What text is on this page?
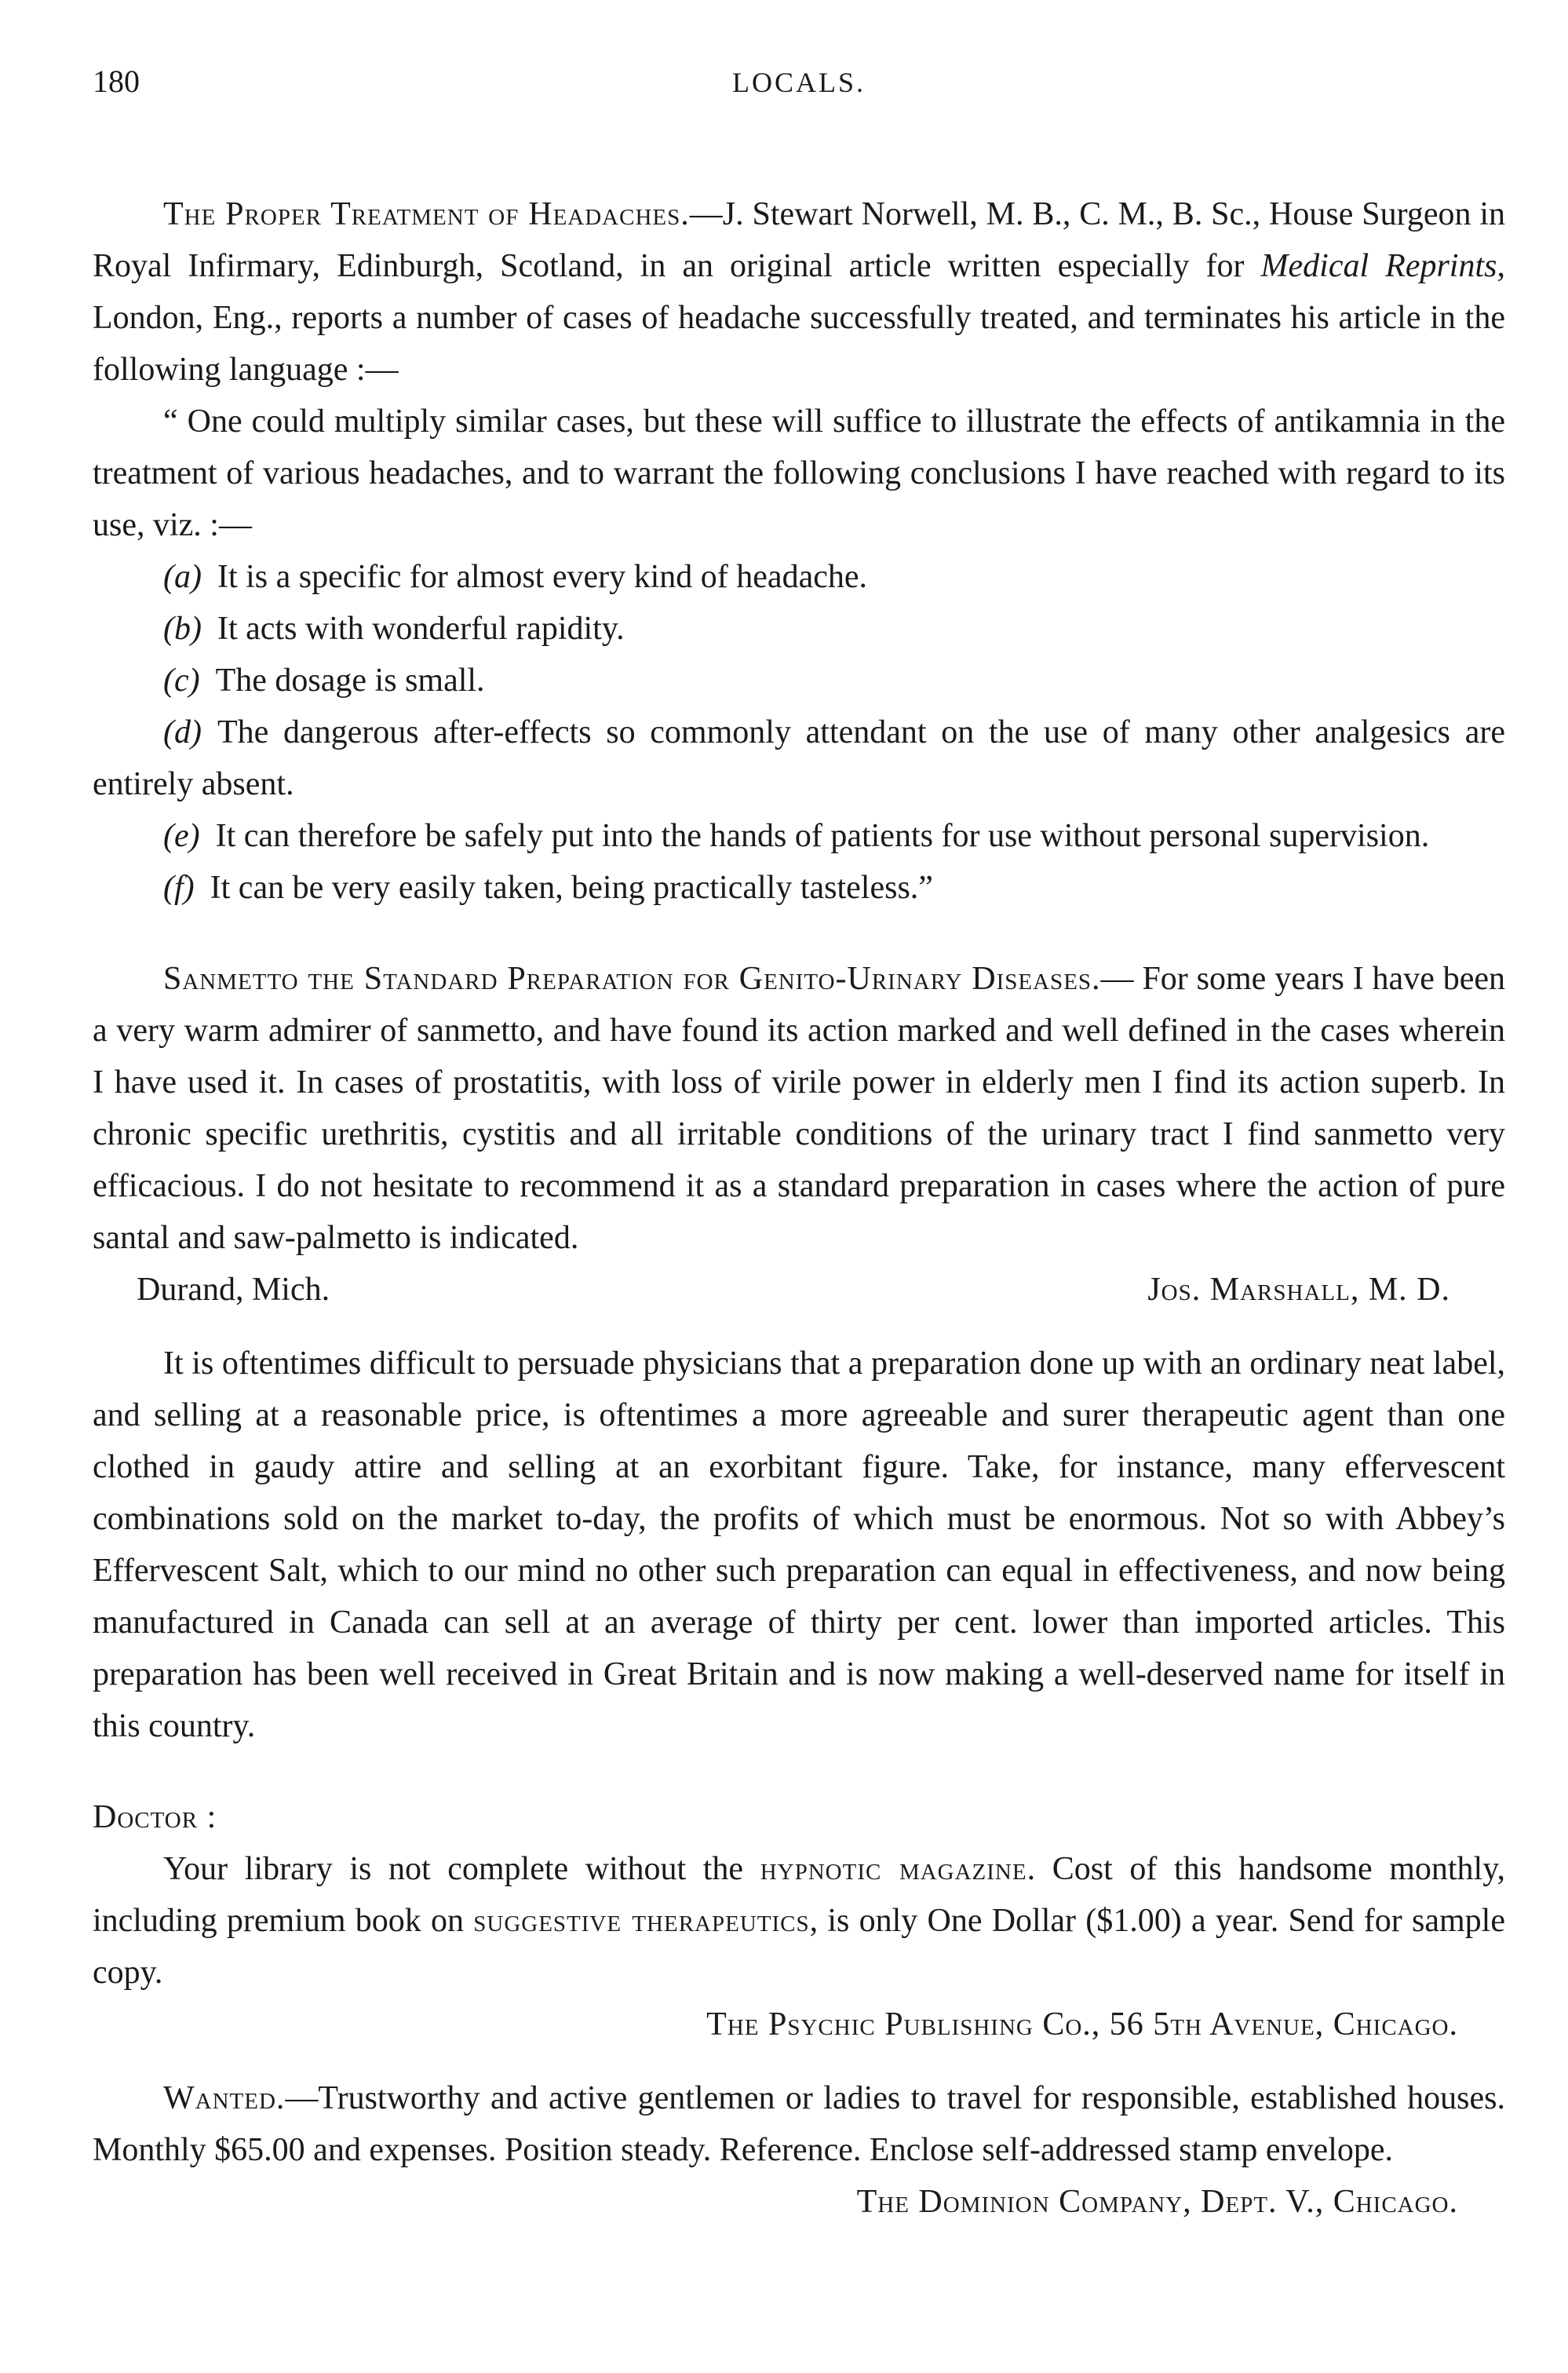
180	LOCALS.

The Proper Treatment of Headaches.—J. Stewart Norwell, M. B., C. M., B. Sc., House Surgeon in Royal Infirmary, Edinburgh, Scotland, in an original article written especially for Medical Reprints, London, Eng., reports a number of cases of headache successfully treated, and terminates his article in the following language :—

“ One could multiply similar cases, but these will suffice to illustrate the effects of antikamnia in the treatment of various headaches, and to warrant the following conclusions I have reached with regard to its use, viz. :—

(a) It is a specific for almost every kind of headache.

(b) It acts with wonderful rapidity.

(c) The dosage is small.

(d) The dangerous after-effects so commonly attendant on the use of many other analgesics are entirely absent.

(e) It can therefore be safely put into the hands of patients for use without personal supervision.

(f) It can be very easily taken, being practically tasteless.”

Sanmetto the Standard Preparation for Genito-Urinary Diseases.— For some years I have been a very warm admirer of sanmetto, and have found its action marked and well defined in the cases wherein I have used it. In cases of prostatitis, with loss of virile power in elderly men I find its action superb. In chronic specific urethritis, cystitis and all irritable conditions of the urinary tract I find sanmetto very efficacious. I do not hesitate to recommend it as a standard preparation in cases where the action of pure santal and saw-palmetto is indicated.

Durand, Mich.	Jos. Marshall, M. D.

It is oftentimes difficult to persuade physicians that a preparation done up with an ordinary neat label, and selling at a reasonable price, is oftentimes a more agreeable and surer therapeutic agent than one clothed in gaudy attire and selling at an exorbitant figure. Take, for instance, many effervescent combinations sold on the market to-day, the profits of which must be enormous. Not so with Abbey’s Effervescent Salt, which to our mind no other such preparation can equal in effectiveness, and now being manufactured in Canada can sell at an average of thirty per cent. lower than imported articles. This preparation has been well received in Great Britain and is now making a well-deserved name for itself in this country.

Doctor :

Your library is not complete without the hypnotic magazine. Cost of this handsome monthly, including premium book on suggestive therapeutics, is only One Dollar ($1.00) a year. Send for sample copy.

The Psychic Publishing Co., 56 5th Avenue, Chicago.

Wanted.—Trustworthy and active gentlemen or ladies to travel for responsible, established houses. Monthly $65.00 and expenses. Position steady. Reference. Enclose self-addressed stamp envelope.

The Dominion Company, Dept. V., Chicago.
